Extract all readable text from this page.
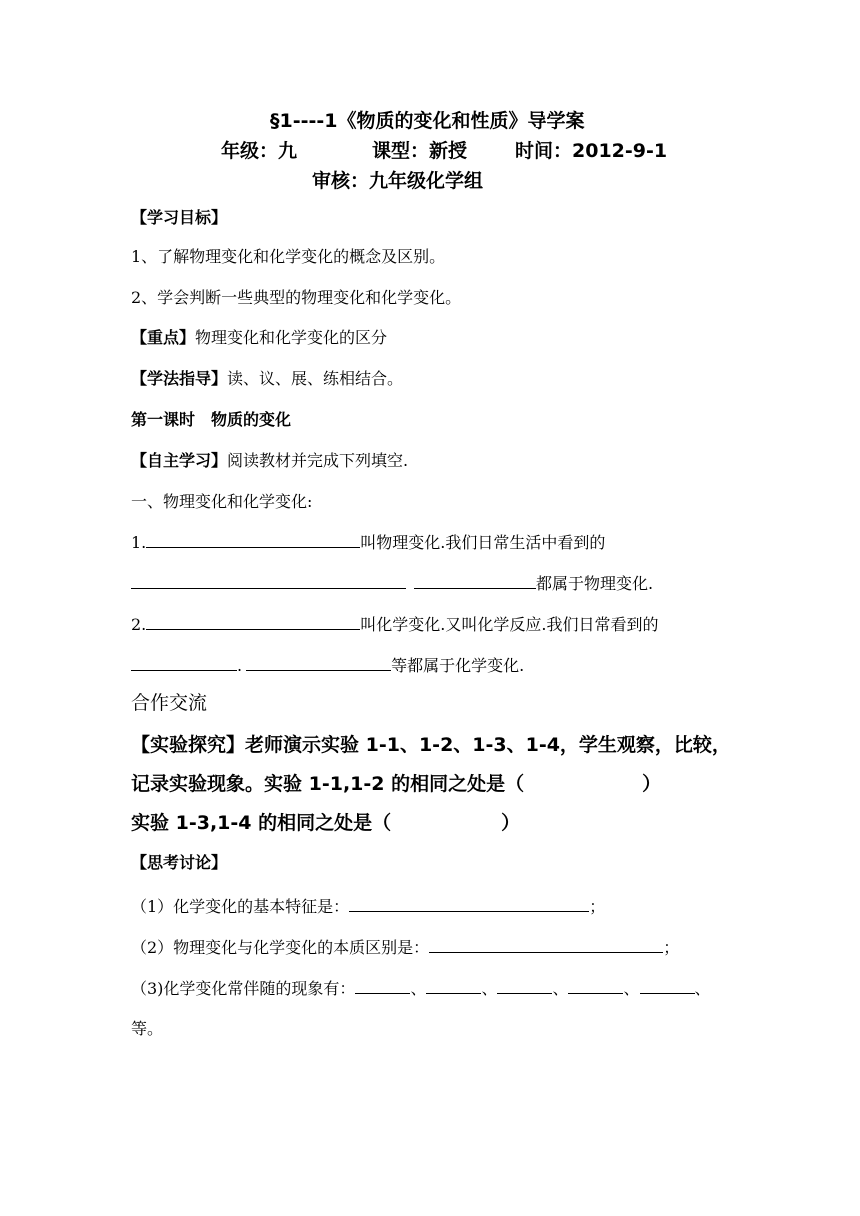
§1----1《物质的变化和性质》导学案
年级：九	课型：新授	时间：2012-9-1
审核：九年级化学组
【学习目标】
1、了解物理变化和化学变化的概念及区别。
2、学会判断一些典型的物理变化和化学变化。
【重点】物理变化和化学变化的区分
【学法指导】读、议、展、练相结合。
第一课时　物质的变化
【自主学习】阅读教材并完成下列填空.
一、物理变化和化学变化:
1.	叫物理变化.我们日常生活中看到的
都属于物理变化.
2.	叫化学变化.又叫化学反应.我们日常看到的
.	等都属于化学变化.
合作交流
【实验探究】老师演示实验 1-1、1-2、1-3、1-4，学生观察，比较，
记录实验现象。实验 1-1,1-2 的相同之处是（	）
实验 1-3,1-4 的相同之处是（	）
【思考讨论】
（1）化学变化的基本特征是：	；
（2）物理变化与化学变化的本质区别是：	；
（3)化学变化常伴随的现象有：	、	、	、	、	、
等。
